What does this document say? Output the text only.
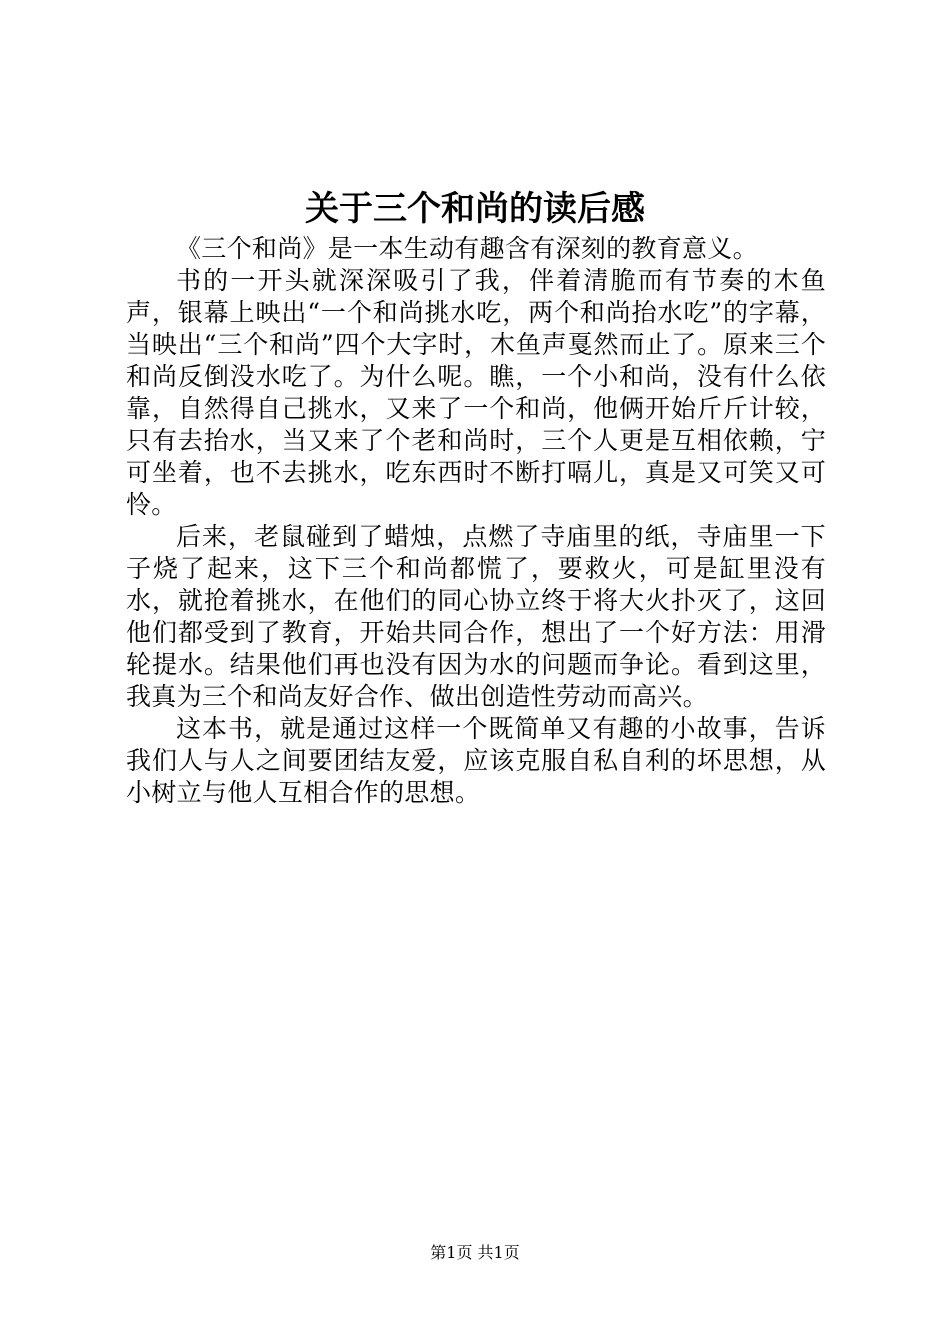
关于三个和尚的读后感

《三个和尚》是一本生动有趣含有深刻的教育意义。

书的一开头就深深吸引了我，伴着清脆而有节奏的木鱼声，银幕上映出“一个和尚挑水吃，两个和尚抬水吃”的字幕，当映出“三个和尚”四个大字时，木鱼声戛然而止了。原来三个和尚反倒没水吃了。为什么呢。瞧，一个小和尚，没有什么依靠，自然得自己挑水，又来了一个和尚，他俩开始斤斤计较，只有去抬水，当又来了个老和尚时，三个人更是互相依赖，宁可坐着，也不去挑水，吃东西时不断打嗝儿，真是又可笑又可怜。

后来，老鼠碰到了蜡烛，点燃了寺庙里的纸，寺庙里一下子烧了起来，这下三个和尚都慌了，要救火，可是缸里没有水，就抢着挑水，在他们的同心协立终于将大火扑灭了，这回他们都受到了教育，开始共同合作，想出了一个好方法：用滑轮提水。结果他们再也没有因为水的问题而争论。看到这里，我真为三个和尚友好合作、做出创造性劳动而高兴。

这本书，就是通过这样一个既简单又有趣的小故事，告诉我们人与人之间要团结友爱，应该克服自私自利的坏思想，从小树立与他人互相合作的思想。

第1页 共1页
